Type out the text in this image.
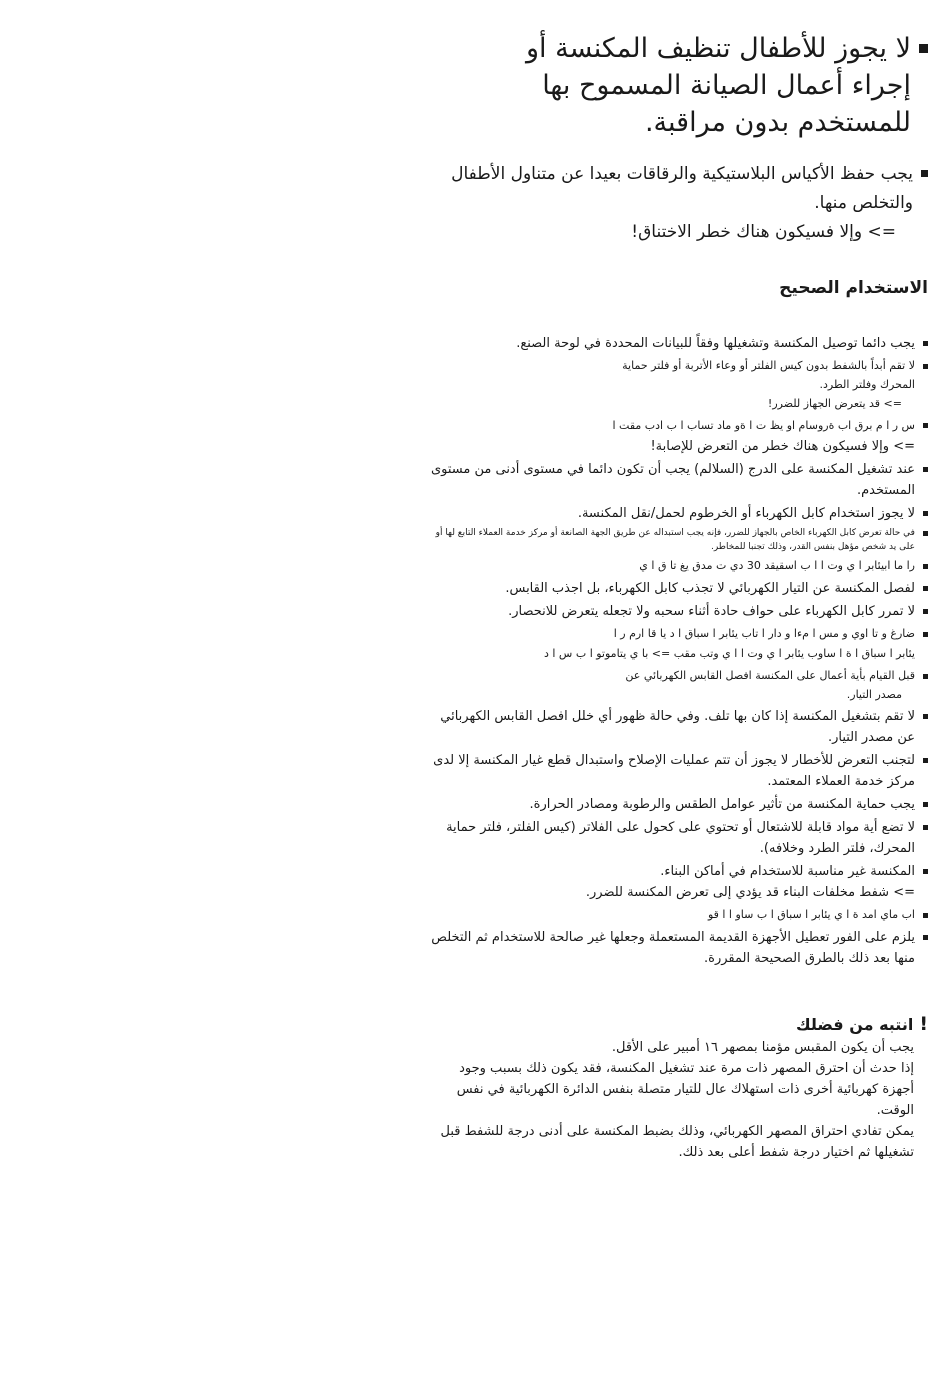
لا يجوز للأطفال تنظيف المكنسة أو
إجراء أعمال الصيانة المسموح بها
للمستخدم بدون مراقبة.
يجب حفظ الأكياس البلاستيكية والرقاقات بعيدا عن متناول الأطفال
والتخلص منها.
=> وإلا فسيكون هناك خطر الاختناق!
الاستخدام الصحيح
يجب دائما توصيل المكنسة وتشغيلها وفقاً للبيانات المحددة في لوحة الصنع.
لا تقم أبداً بالشفط بدون كيس الفلتر أو وعاء الأتربة أو فلتر حماية المحرك وفلتر الطرد.
=> قد يتعرض الجهاز للضرر!
س ر ا م برق اب ةروسام او يظ ت ا ةو ماد تساب ا ب ادب مقت ا
=> وإلا فسيكون هناك خطر من التعرض للإصابة!
عند تشغيل المكنسة على الدرج (السلالم) يجب أن تكون دائما في مستوى أدنى من مستوى المستخدم.
لا يجوز استخدام كابل الكهرباء أو الخرطوم لحمل/نقل المكنسة.
في حالة تعرض كابل الكهرباء الخاص بالجهاز للضرر، فإنه يجب استبداله عن طريق الجهة الصانعة أو مركز خدمة العملاء التابع لها أو على يد شخص مؤهل بنفس القدر، وذلك تجنبا للمخاطر.
را ما ابيئابر ا ي وت ا ا ب اسقيقد 30 دي ت مدق يغ تا ق ا ي
لفصل المكنسة عن التيار الكهربائي لا تجذب كابل الكهرباء، بل اجذب القابس.
لا تمرر كابل الكهرباء على حواف حادة أثناء سحبه ولا تجعله يتعرض للانحصار.
ضارغ و تا اوي و مس ا مءا و دار ا تاب يئابر ا سباق ا د يا قا ارم ر ا
يئابر ا سباق ا ة ا ساوب يئابر ا ي وت ا ا ي وتب مقب => با ي يتاموتو ا ب س ا د
قبل القيام بأية أعمال على المكنسة افصل القابس الكهربائي عن
مصدر التيار.
لا تقم بتشغيل المكنسة إذا كان بها تلف. وفي حالة ظهور أي خلل افصل القابس الكهربائي عن مصدر التيار.
لتجنب التعرض للأخطار لا يجوز أن تتم عمليات الإصلاح واستبدال قطع غيار المكنسة إلا لدى مركز خدمة العملاء المعتمد.
يجب حماية المكنسة من تأثير عوامل الطقس والرطوبة ومصادر الحرارة.
لا تضع أية مواد قابلة للاشتعال أو تحتوي على كحول على الفلاتر (كيس الفلتر، فلتر حماية المحرك، فلتر الطرد وخلافه).
المكنسة غير مناسبة للاستخدام في أماكن البناء.
=> شفط مخلفات البناء قد يؤدي إلى تعرض المكنسة للضرر.
اب ماي امد ة ا ي يئابر ا سباق ا ب ساو ا ا قو
يلزم على الفور تعطيل الأجهزة القديمة المستعملة وجعلها غير صالحة للاستخدام ثم التخلص منها بعد ذلك بالطرق الصحيحة المقررة.
!
انتبه من فضلك

يجب أن يكون المقبس مؤمنا بمصهر ١٦ أمبير على الأقل.

إذا حدث أن احترق المصهر ذات مرة عند تشغيل المكنسة، فقد يكون ذلك بسبب وجود أجهزة كهربائية أخرى ذات استهلاك عال للتيار متصلة بنفس الدائرة الكهربائية في نفس الوقت.

يمكن تفادي احتراق المصهر الكهربائي، وذلك بضبط المكنسة على أدنى درجة للشفط قبل تشغيلها ثم اختيار درجة شفط أعلى بعد ذلك.
